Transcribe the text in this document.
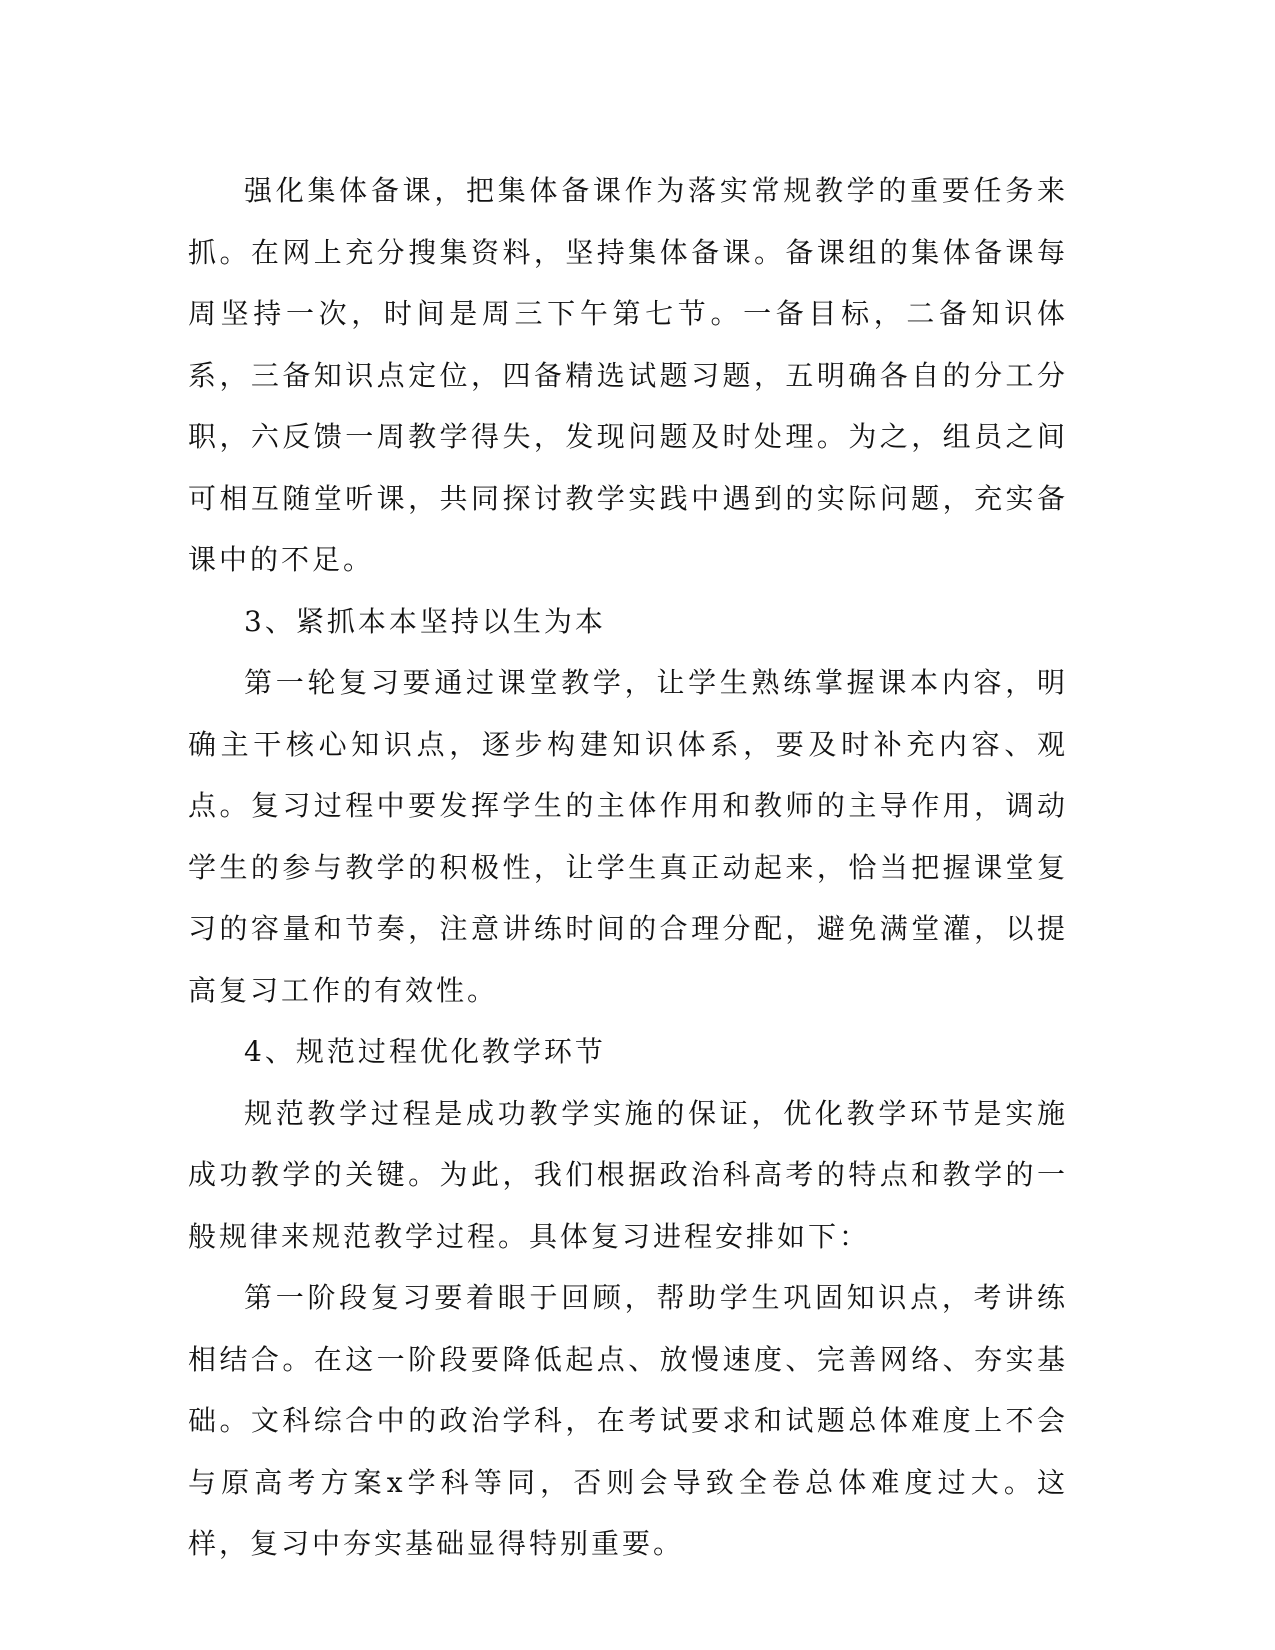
强化集体备课，把集体备课作为落实常规教学的重要任务来抓。在网上充分搜集资料，坚持集体备课。备课组的集体备课每周坚持一次，时间是周三下午第七节。一备目标，二备知识体系，三备知识点定位，四备精选试题习题，五明确各自的分工分职，六反馈一周教学得失，发现问题及时处理。为之，组员之间可相互随堂听课，共同探讨教学实践中遇到的实际问题，充实备课中的不足。

3、紧抓本本坚持以生为本

第一轮复习要通过课堂教学，让学生熟练掌握课本内容，明确主干核心知识点，逐步构建知识体系，要及时补充内容、观点。复习过程中要发挥学生的主体作用和教师的主导作用，调动学生的参与教学的积极性，让学生真正动起来，恰当把握课堂复习的容量和节奏，注意讲练时间的合理分配，避免满堂灌，以提高复习工作的有效性。

4、规范过程优化教学环节

规范教学过程是成功教学实施的保证，优化教学环节是实施成功教学的关键。为此，我们根据政治科高考的特点和教学的一般规律来规范教学过程。具体复习进程安排如下：

第一阶段复习要着眼于回顾，帮助学生巩固知识点，考讲练相结合。在这一阶段要降低起点、放慢速度、完善网络、夯实基础。文科综合中的政治学科，在考试要求和试题总体难度上不会与原高考方案x学科等同，否则会导致全卷总体难度过大。这样，复习中夯实基础显得特别重要。
